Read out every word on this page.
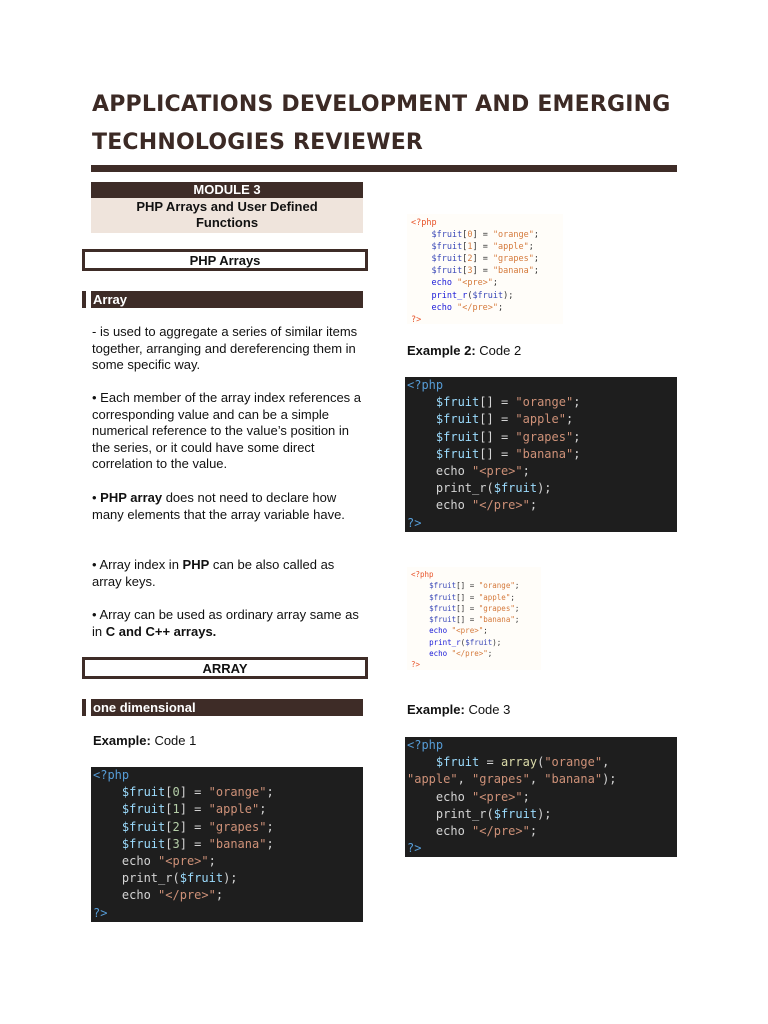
APPLICATIONS DEVELOPMENT AND EMERGING
TECHNOLOGIES REVIEWER
MODULE 3
PHP Arrays and User Defined
Functions
PHP Arrays
Array
- is used to aggregate a series of similar items together, arranging and dereferencing them in some specific way.
• Each member of the array index references a corresponding value and can be a simple numerical reference to the value’s position in the series, or it could have some direct correlation to the value.
• PHP array does not need to declare how many elements that the array variable have.
• Array index in PHP can be also called as array keys.
• Array can be used as ordinary array same as in C and C++ arrays.
ARRAY
one dimensional
Example: Code 1
<?php
$fruit[0] = "orange";
$fruit[1] = "apple";
$fruit[2] = "grapes";
$fruit[3] = "banana";
echo "<pre>";
print_r($fruit);
echo "</pre>";
?>
<?php
$fruit[0] = "orange";
$fruit[1] = "apple";
$fruit[2] = "grapes";
$fruit[3] = "banana";
echo "<pre>";
print_r($fruit);
echo "</pre>";
?>
Example 2: Code 2
<?php
$fruit[] = "orange";
$fruit[] = "apple";
$fruit[] = "grapes";
$fruit[] = "banana";
echo "<pre>";
print_r($fruit);
echo "</pre>";
?>
<?php
$fruit[] = "orange";
$fruit[] = "apple";
$fruit[] = "grapes";
$fruit[] = "banana";
echo "<pre>";
print_r($fruit);
echo "</pre>";
?>
Example: Code 3
<?php
$fruit = array("orange",
"apple", "grapes", "banana");
echo "<pre>";
print_r($fruit);
echo "</pre>";
?>
